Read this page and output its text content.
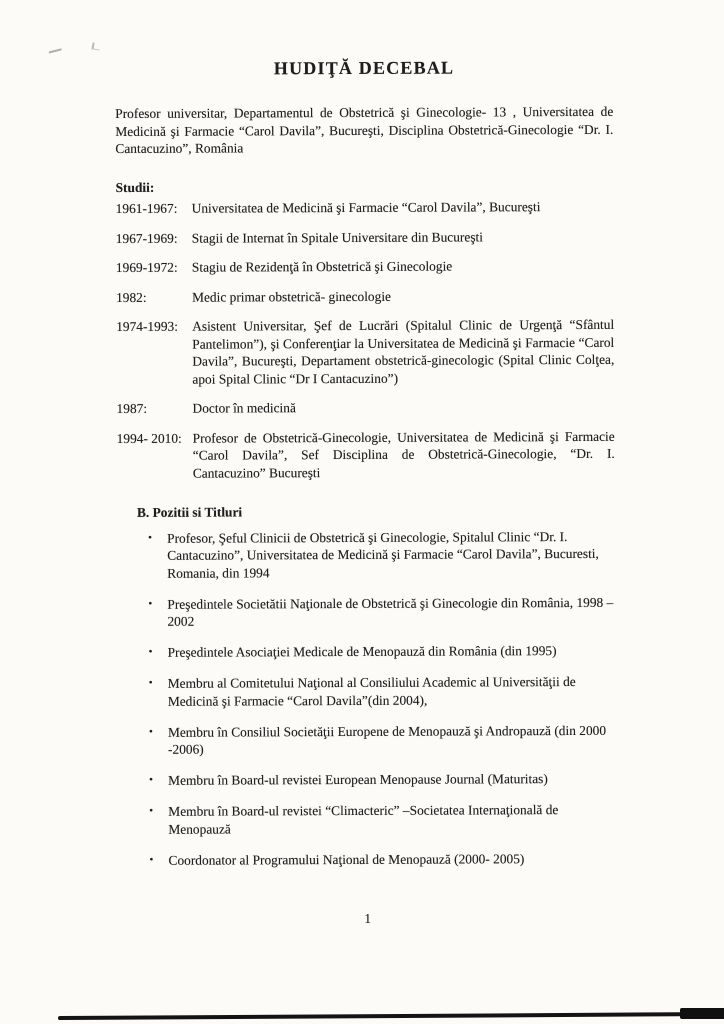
HUDIŢĂ DECEBAL

Profesor universitar, Departamentul de Obstetrică şi Ginecologie- 13 , Universitatea de Medicină şi Farmacie “Carol Davila”, Bucureşti, Disciplina Obstetrică-Ginecologie “Dr. I. Cantacuzino”, România

Studii:
1961-1967:	Universitatea de Medicină şi Farmacie “Carol Davila”, Bucureşti
1967-1969:	Stagii de Internat în Spitale Universitare din Bucureşti
1969-1972:	Stagiu de Rezidenţă în Obstetrică şi Ginecologie
1982:	Medic primar obstetrică- ginecologie
1974-1993:	Asistent Universitar, Şef de Lucrări (Spitalul Clinic de Urgenţă “Sfântul Pantelimon”), şi Conferenţiar la Universitatea de Medicină şi Farmacie “Carol Davila”, Bucureşti, Departament obstetrică-ginecologic (Spital Clinic Colţea, apoi Spital Clinic “Dr I Cantacuzino”)
1987:	Doctor în medicină
1994- 2010: Profesor de Obstetrică-Ginecologie, Universitatea de Medicină şi Farmacie “Carol Davila”, Sef Disciplina de Obstetrică-Ginecologie, “Dr. I. Cantacuzino” Bucureşti
B. Pozitii si Titluri
•	Profesor, Şeful Clinicii de Obstetrică şi Ginecologie, Spitalul Clinic “Dr. I. Cantacuzino”, Universitatea de Medicină şi Farmacie “Carol Davila”, Bucuresti, Romania, din 1994
•	Preşedintele Societătii Naţionale de Obstetrică şi Ginecologie din România, 1998 – 2002
•	Preşedintele Asociaţiei Medicale de Menopauză din România (din 1995)
•	Membru al Comitetului Naţional al Consiliului Academic al Universităţii de Medicină şi Farmacie “Carol Davila”(din 2004),
•	Membru în Consiliul Societăţii Europene de Menopauză şi Andropauză (din 2000 -2006)
•	Membru în Board-ul revistei European Menopause Journal (Maturitas)
•	Membru în Board-ul revistei “Climacteric” –Societatea Internaţională de Menopauză
•	Coordonator al Programului Naţional de Menopauză (2000- 2005)
1
